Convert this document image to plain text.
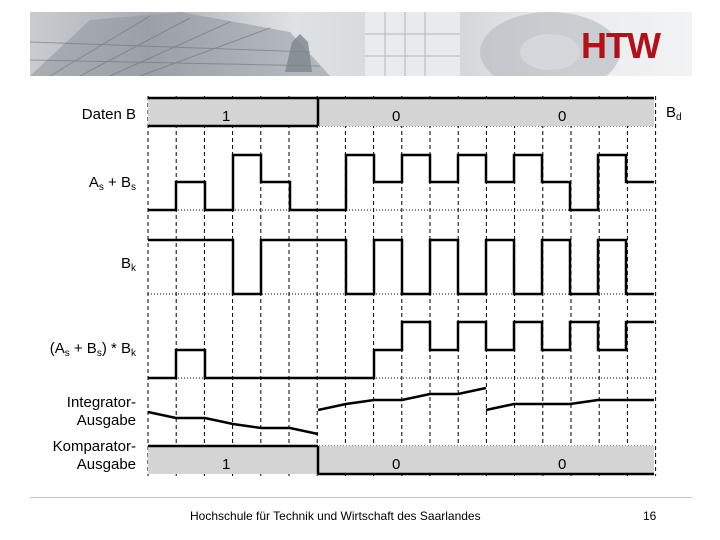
HTW
Daten B	$B_d$
$A_s + B_s$
$B_k$
$(A_s + B_s) * B_k$
Integrator-
Ausgabe
Komparator-
Ausgabe
1	0	0
1	0	0
Hochschule für Technik und Wirtschaft des Saarlandes	16
